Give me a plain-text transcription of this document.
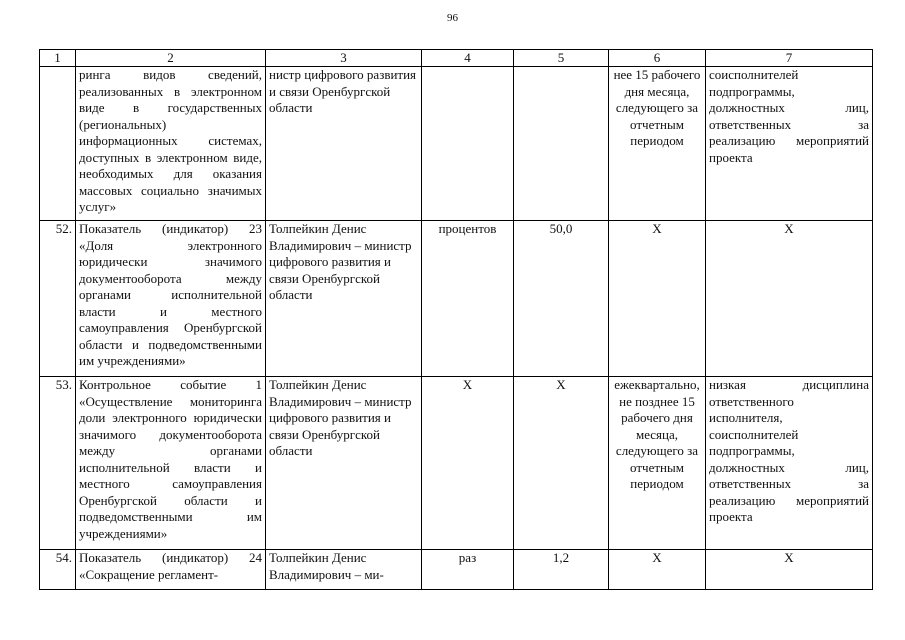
96
1	2	3	4	5	6	7
	ринга видов сведений, реализованных в электронном виде в государственных (региональных) информационных системах, доступных в электронном виде, необходимых для оказания массовых социально значимых услуг»	нистр цифрового развития и связи Оренбургской области			нее 15 рабочего дня месяца, следующего за отчетным периодом	соисполнителей подпрограммы, должностных лиц, ответственных за реализацию мероприятий проекта
52.	Показатель (индикатор) 23 «Доля электронного юридически значимого документооборота между органами исполнительной власти и местного самоуправления Оренбургской области и подведомственными им учреждениями»	Толпейкин Денис Владимирович – министр цифрового развития и связи Оренбургской области	процентов	50,0	Х	Х
53.	Контрольное событие 1 «Осуществление мониторинга доли электронного юридически значимого документооборота между органами исполнительной власти и местного самоуправления Оренбургской области и подведомственными им учреждениями»	Толпейкин Денис Владимирович – министр цифрового развития и связи Оренбургской области	Х	Х	ежеквартально, не позднее 15 рабочего дня месяца, следующего за отчетным периодом	низкая дисциплина ответственного исполнителя, соисполнителей подпрограммы, должностных лиц, ответственных за реализацию мероприятий проекта
54.	Показатель (индикатор) 24 «Сокращение регламент-	Толпейкин Денис Владимирович – ми-	раз	1,2	Х	Х
